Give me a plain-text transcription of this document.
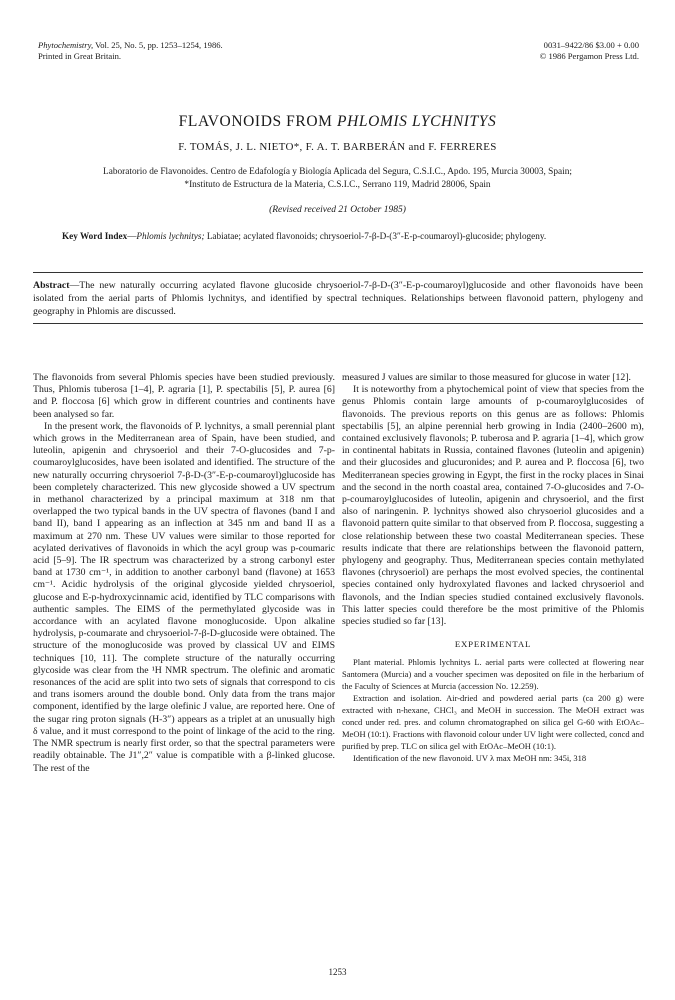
Phytochemistry, Vol. 25, No. 5, pp. 1253–1254, 1986.
Printed in Great Britain.
0031–9422/86 $3.00 + 0.00
© 1986 Pergamon Press Ltd.
FLAVONOIDS FROM PHLOMIS LYCHNITYS
F. TOMÁS, J. L. NIETO*, F. A. T. BARBERÁN and F. FERRERES
Laboratorio de Flavonoides. Centro de Edafología y Biología Aplicada del Segura, C.S.I.C., Apdo. 195, Murcia 30003, Spain;
*Instituto de Estructura de la Materia, C.S.I.C., Serrano 119, Madrid 28006, Spain
(Revised received 21 October 1985)
Key Word Index—Phlomis lychnitys; Labiatae; acylated flavonoids; chrysoeriol-7-β-D-(3″-E-p-coumaroyl)-glucoside; phylogeny.
Abstract—The new naturally occurring acylated flavone glucoside chrysoeriol-7-β-D-(3″-E-p-coumaroyl)glucoside and other flavonoids have been isolated from the aerial parts of Phlomis lychnitys, and identified by spectral techniques. Relationships between flavonoid pattern, phylogeny and geography in Phlomis are discussed.

The flavonoids from several Phlomis species have been studied previously. Thus, Phlomis tuberosa [1–4], P. agraria [1], P. spectabilis [5], P. aurea [6] and P. floccosa [6] which grow in different countries and continents have been analysed so far.

In the present work, the flavonoids of P. lychnitys, a small perennial plant which grows in the Mediterranean area of Spain, have been studied, and luteolin, apigenin and chrysoeriol and their 7-O-glucosides and 7-p-coumaroylglucosides, have been isolated and identified. The structure of the new naturally occurring chrysoeriol 7-β-D-(3″-E-p-coumaroyl)glucoside has been completely characterized. This new glycoside showed a UV spectrum in methanol characterized by a principal maximum at 318 nm that overlapped the two typical bands in the UV spectra of flavones (band I and band II), band I appearing as an inflection at 345 nm and band II as a maximum at 270 nm. These UV values were similar to those reported for acylated derivatives of flavonoids in which the acyl group was p-coumaric acid [5–9]. The IR spectrum was characterized by a strong carbonyl ester band at 1730 cm⁻¹, in addition to another carbonyl band (flavone) at 1653 cm⁻¹. Acidic hydrolysis of the original glycoside yielded chrysoeriol, glucose and E-p-hydroxycinnamic acid, identified by TLC comparisons with authentic samples. The EIMS of the permethylated glycoside was in accordance with an acylated flavone monoglucoside. Upon alkaline hydrolysis, p-coumarate and chrysoeriol-7-β-D-glucoside were obtained. The structure of the monoglucoside was proved by classical UV and EIMS techniques [10, 11]. The complete structure of the naturally occurring glycoside was clear from the ¹H NMR spectrum. The olefinic and aromatic resonances of the acid are split into two sets of signals that correspond to cis and trans isomers around the double bond. Only data from the trans major component, identified by the large olefinic J value, are reported here. One of the sugar ring proton signals (H-3″) appears as a triplet at an unusually high δ value, and it must correspond to the point of linkage of the acid to the ring. The NMR spectrum is nearly first order, so that the spectral parameters were readily obtainable. The J1″,2″ value is compatible with a β-linked glucose. The rest of the

measured J values are similar to those measured for glucose in water [12].

It is noteworthy from a phytochemical point of view that species from the genus Phlomis contain large amounts of p-coumaroylglucosides of flavonoids. The previous reports on this genus are as follows: Phlomis spectabilis [5], an alpine perennial herb growing in India (2400–2600 m), contained exclusively flavonols; P. tuberosa and P. agraria [1–4], which grow in continental habitats in Russia, contained flavones (luteolin and apigenin) and their glucosides and glucuronides; and P. aurea and P. floccosa [6], two Mediterranean species growing in Egypt, the first in the rocky places in Sinai and the second in the north coastal area, contained 7-O-glucosides and 7-O-p-coumaroylglucosides of luteolin, apigenin and chrysoeriol, and the first also of naringenin. P. lychnitys showed also chrysoeriol glucosides and a flavonoid pattern quite similar to that observed from P. floccosa, suggesting a close relationship between these two coastal Mediterranean species. These results indicate that there are relationships between the flavonoid pattern, phylogeny and geography. Thus, Mediterranean species contain methylated flavones (chrysoeriol) are perhaps the most evolved species, the continental species contained only hydroxylated flavones and lacked chrysoeriol and flavonols, and the Indian species studied contained exclusively flavonols. This latter species could therefore be the most primitive of the Phlomis species studied so far [13].

EXPERIMENTAL

Plant material. Phlomis lychnitys L. aerial parts were collected at flowering near Santomera (Murcia) and a voucher specimen was deposited on file in the herbarium of the Faculty of Sciences at Murcia (accession No. 12.259).

Extraction and isolation. Air-dried and powdered aerial parts (ca 200 g) were extracted with n-hexane, CHCl₃ and MeOH in succession. The MeOH extract was concd under red. pres. and column chromatographed on silica gel G-60 with EtOAc–MeOH (10:1). Fractions with flavonoid colour under UV light were collected, concd and purified by prep. TLC on silica gel with EtOAc–MeOH (10:1).

Identification of the new flavonoid. UV λ max MeOH nm: 345i, 318

1253
